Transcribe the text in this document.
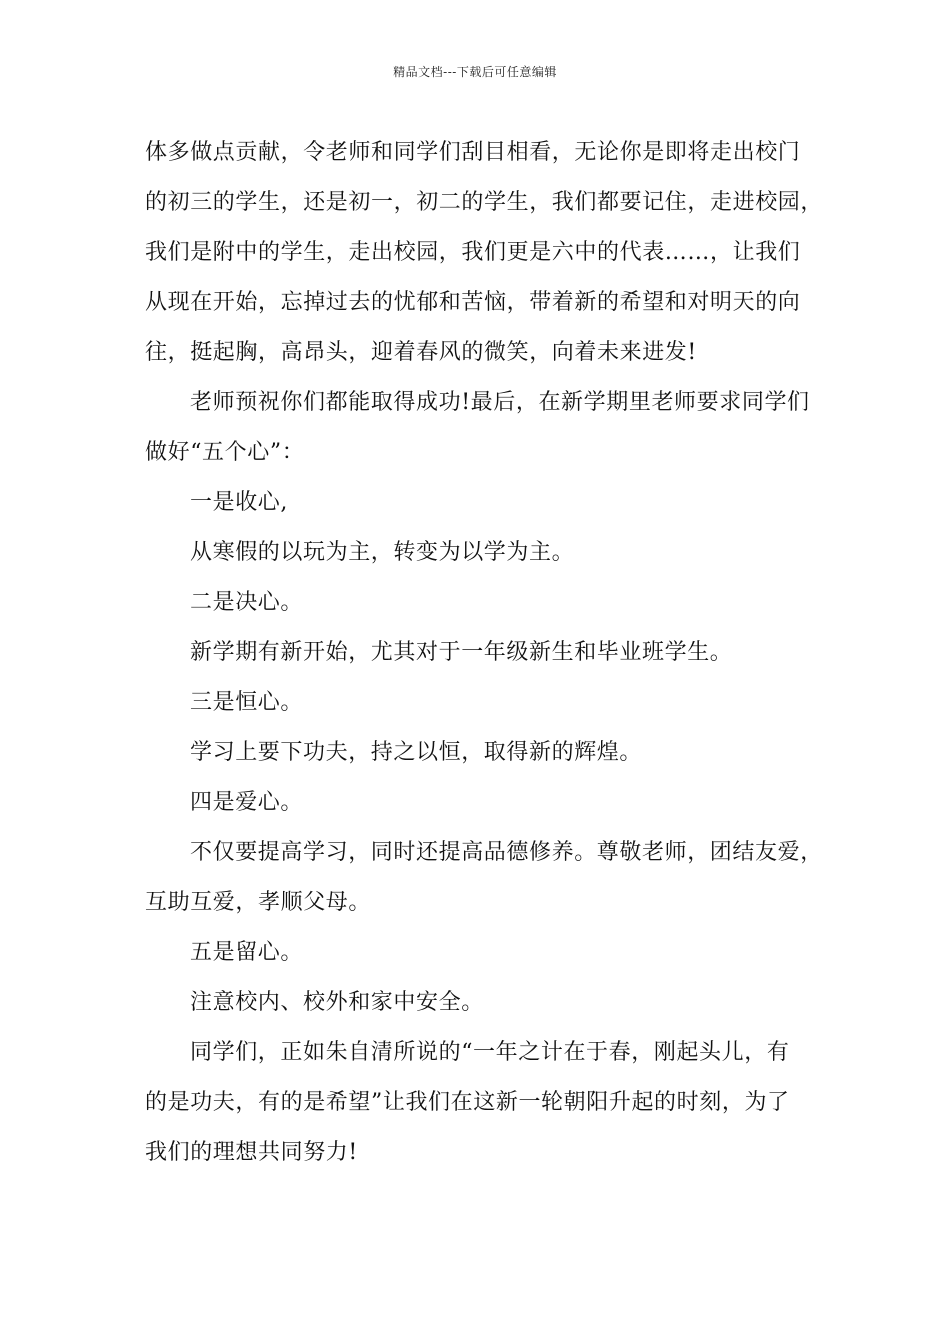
精品文档---下载后可任意编辑

体多做点贡献，令老师和同学们刮目相看，无论你是即将走出校门

的初三的学生，还是初一，初二的学生，我们都要记住，走进校园，

我们是附中的学生，走出校园，我们更是六中的代表……，让我们

从现在开始，忘掉过去的忧郁和苦恼，带着新的希望和对明天的向

往，挺起胸，高昂头，迎着春风的微笑，向着未来进发!

老师预祝你们都能取得成功!最后，在新学期里老师要求同学们

做好“五个心”：

一是收心,

从寒假的以玩为主，转变为以学为主。

二是决心。

新学期有新开始，尤其对于一年级新生和毕业班学生。

三是恒心。

学习上要下功夫，持之以恒，取得新的辉煌。

四是爱心。

不仅要提高学习，同时还提高品德修养。尊敬老师，团结友爱，

互助互爱，孝顺父母。

五是留心。

注意校内、校外和家中安全。

同学们，正如朱自清所说的“一年之计在于春，刚起头儿，有

的是功夫，有的是希望”让我们在这新一轮朝阳升起的时刻，为了

我们的理想共同努力!
